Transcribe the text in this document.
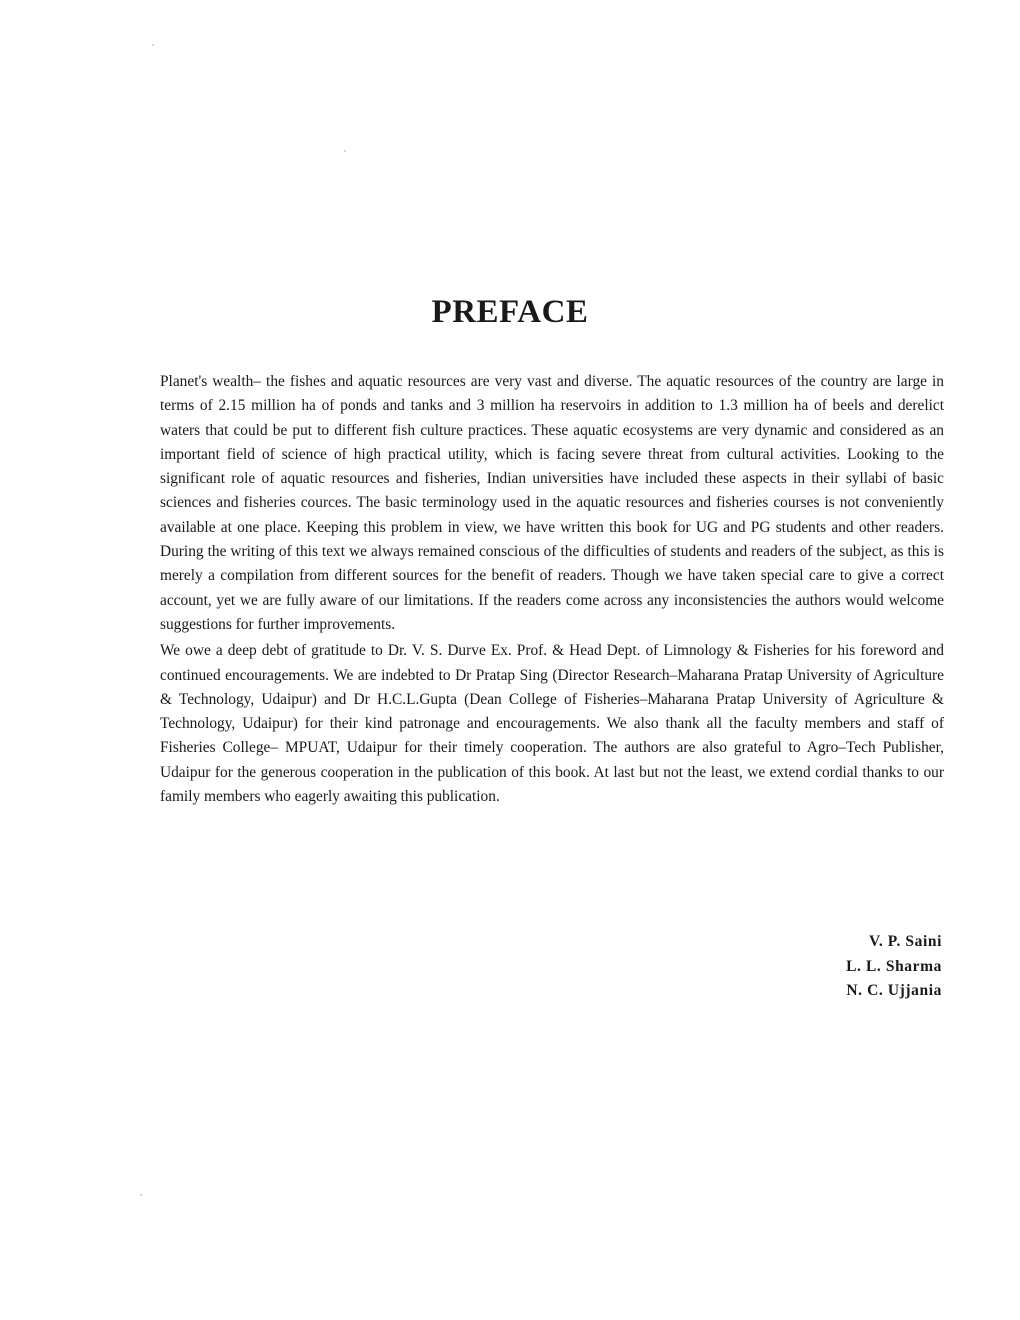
PREFACE

Planet's wealth– the fishes and aquatic resources are very vast and diverse. The aquatic resources of the country are large in terms of 2.15 million ha of ponds and tanks and 3 million ha reservoirs in addition to 1.3 million ha of beels and derelict waters that could be put to different fish culture practices. These aquatic ecosystems are very dynamic and considered as an important field of science of high practical utility, which is facing severe threat from cultural activities. Looking to the significant role of aquatic resources and fisheries, Indian universities have included these aspects in their syllabi of basic sciences and fisheries cources. The basic terminology used in the aquatic resources and fisheries courses is not conveniently available at one place. Keeping this problem in view, we have written this book for UG and PG students and other readers. During the writing of this text we always remained conscious of the difficulties of students and readers of the subject, as this is merely a compilation from different sources for the benefit of readers. Though we have taken special care to give a correct account, yet we are fully aware of our limitations. If the readers come across any inconsistencies the authors would welcome suggestions for further improvements.

We owe a deep debt of gratitude to Dr. V. S. Durve Ex. Prof. & Head Dept. of Limnology & Fisheries for his foreword and continued encouragements. We are indebted to Dr Pratap Sing (Director Research–Maharana Pratap University of Agriculture & Technology, Udaipur) and Dr H.C.L.Gupta (Dean College of Fisheries–Maharana Pratap University of Agriculture & Technology, Udaipur) for their kind patronage and encouragements. We also thank all the faculty members and staff of Fisheries College– MPUAT, Udaipur for their timely cooperation. The authors are also grateful to Agro–Tech Publisher, Udaipur for the generous cooperation in the publication of this book. At last but not the least, we extend cordial thanks to our family members who eagerly awaiting this publication.

V. P. Saini
L. L. Sharma
N. C. Ujjania
